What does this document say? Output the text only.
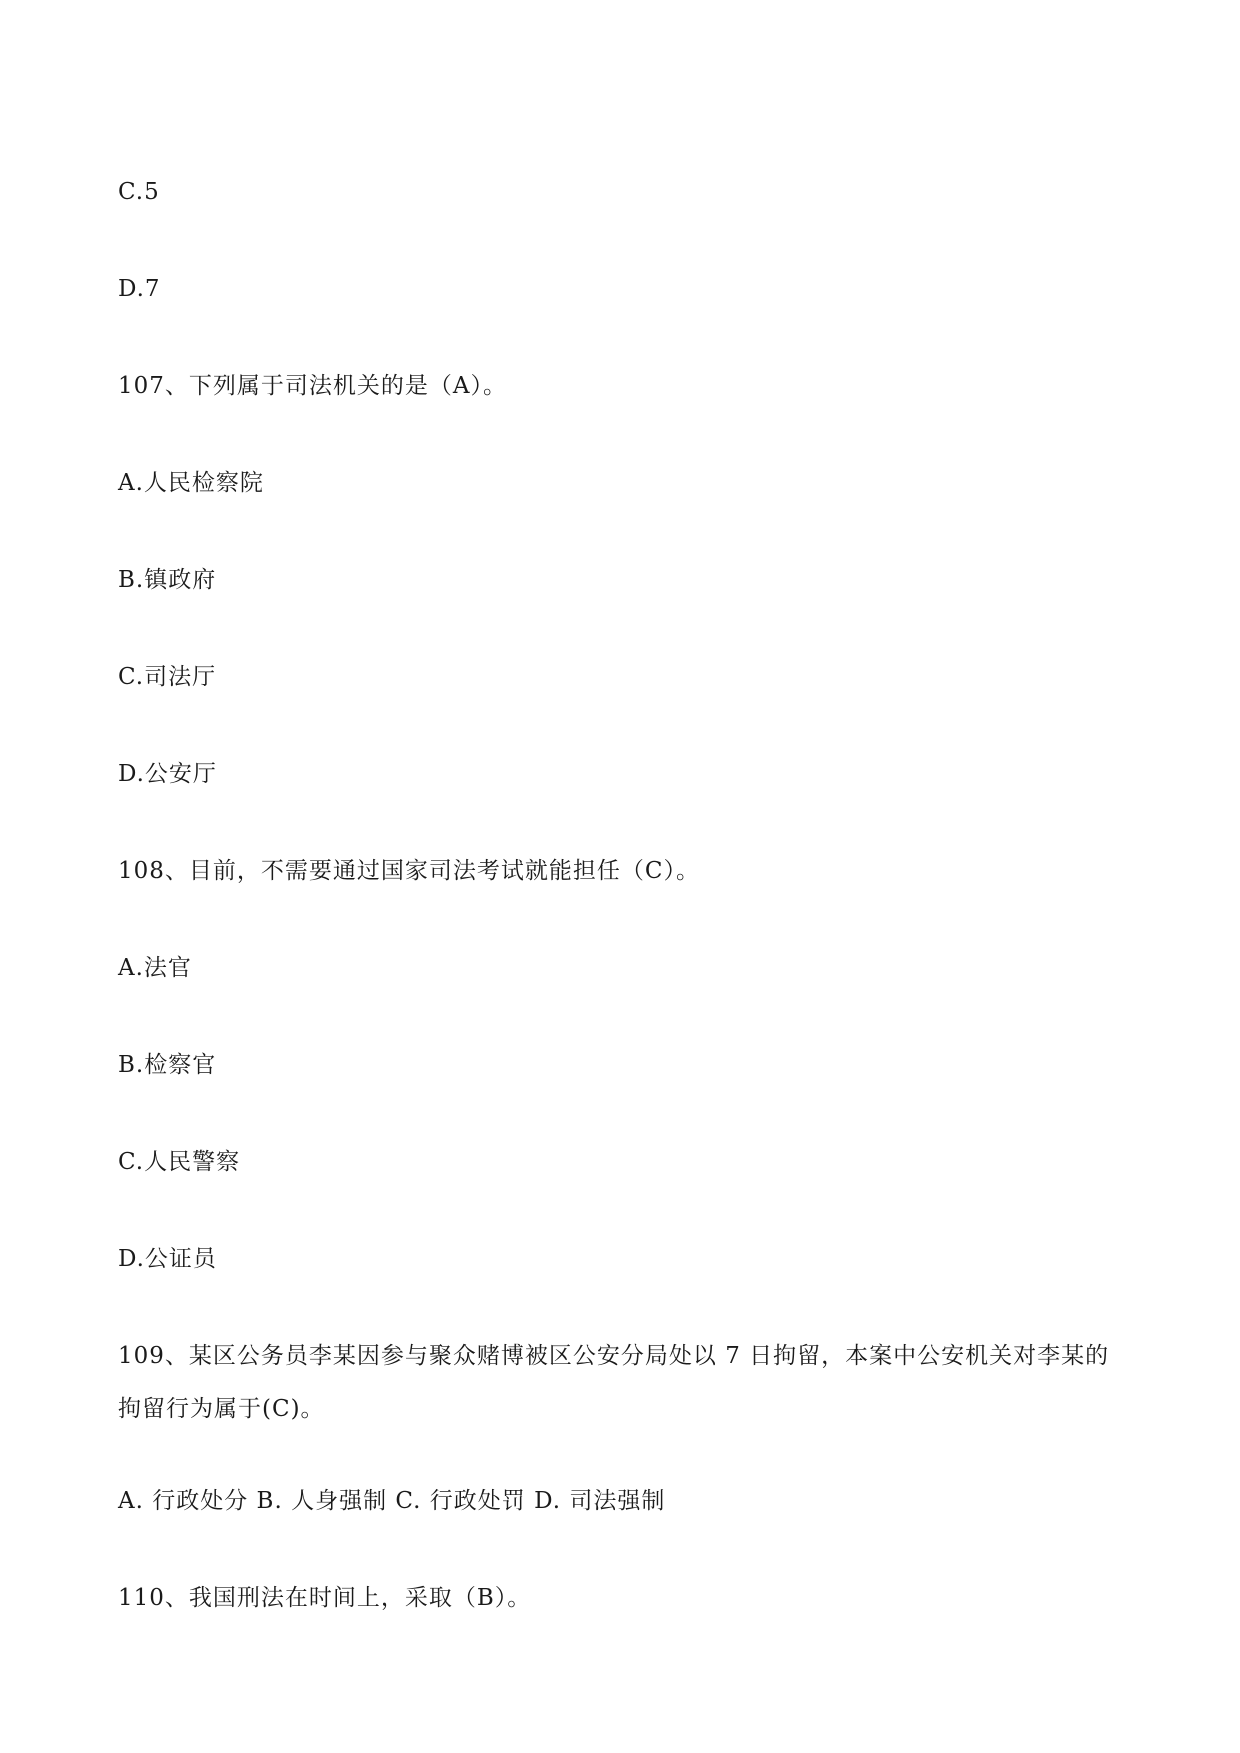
C.5
D.7
107、下列属于司法机关的是（A）。
A.人民检察院
B.镇政府
C.司法厅
D.公安厅
108、目前，不需要通过国家司法考试就能担任（C）。
A.法官
B.检察官
C.人民警察
D.公证员
109、某区公务员李某因参与聚众赌博被区公安分局处以 7 日拘留，本案中公安机关对李某的
拘留行为属于(C)。
A. 行政处分 B. 人身强制 C. 行政处罚 D. 司法强制
110、我国刑法在时间上，采取（B）。
